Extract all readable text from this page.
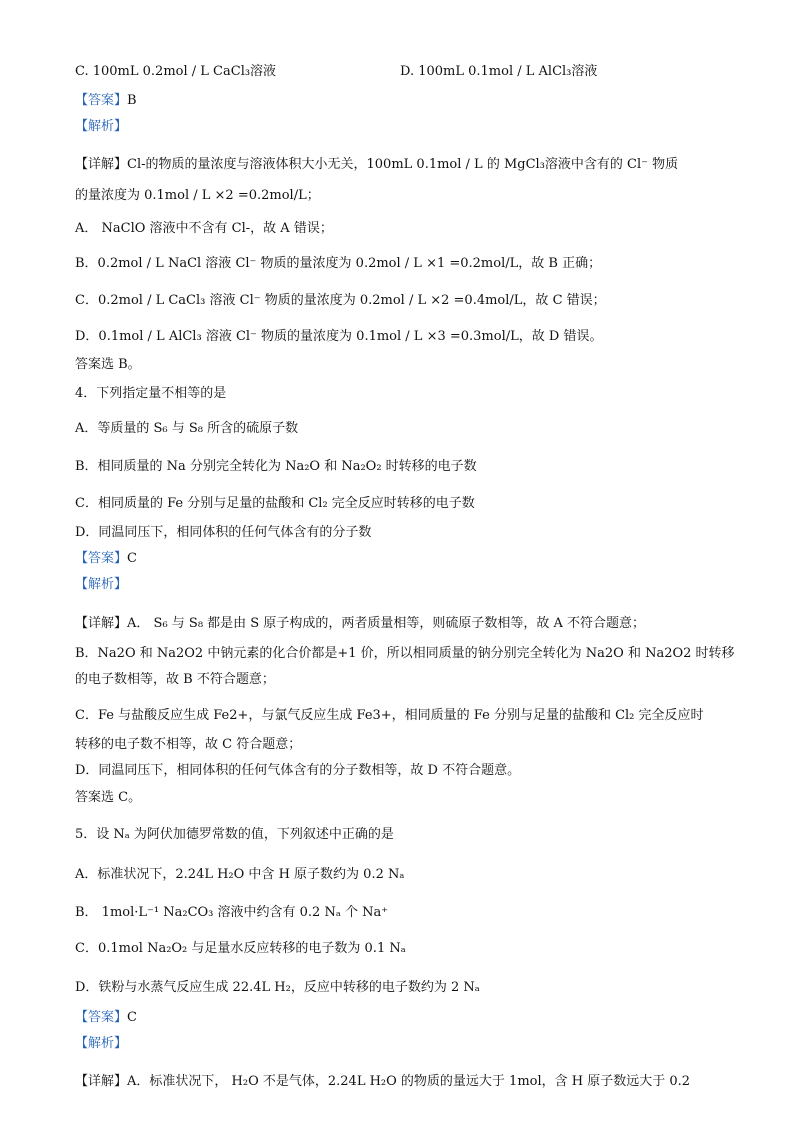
C. 100mL 0.2mol / L CaCl₃溶液	D. 100mL 0.1mol / L AlCl₃溶液
【答案】B
【解析】
【详解】Cl-的物质的量浓度与溶液体积大小无关，100mL 0.1mol / L 的 MgCl₃溶液中含有的 Cl⁻ 物质
的量浓度为 0.1mol / L ×2 =0.2mol/L；
A． NaClO 溶液中不含有 Cl-，故 A 错误；
B．0.2mol / L NaCl 溶液 Cl⁻ 物质的量浓度为 0.2mol / L ×1 =0.2mol/L，故 B 正确；
C．0.2mol / L CaCl₃ 溶液 Cl⁻ 物质的量浓度为 0.2mol / L ×2 =0.4mol/L，故 C 错误；
D．0.1mol / L AlCl₃ 溶液 Cl⁻ 物质的量浓度为 0.1mol / L ×3 =0.3mol/L，故 D 错误。
答案选 B。
4．下列指定量不相等的是
A．等质量的 S₆ 与 S₈ 所含的硫原子数
B．相同质量的 Na 分别完全转化为 Na₂O 和 Na₂O₂ 时转移的电子数
C．相同质量的 Fe 分别与足量的盐酸和 Cl₂ 完全反应时转移的电子数
D．同温同压下，相同体积的任何气体含有的分子数
【答案】C
【解析】
【详解】A． S₆ 与 S₈ 都是由 S 原子构成的，两者质量相等，则硫原子数相等，故 A 不符合题意；
B．Na2O 和 Na2O2 中钠元素的化合价都是+1 价，所以相同质量的钠分别完全转化为 Na2O 和 Na2O2 时转移
的电子数相等，故 B 不符合题意；
C．Fe 与盐酸反应生成 Fe2+，与氯气反应生成 Fe3+，相同质量的 Fe 分别与足量的盐酸和 Cl₂ 完全反应时
转移的电子数不相等，故 C 符合题意；
D．同温同压下，相同体积的任何气体含有的分子数相等，故 D 不符合题意。
答案选 C。
5．设 Nₐ 为阿伏加德罗常数的值，下列叙述中正确的是
A．标准状况下，2.24L H₂O 中含 H 原子数约为 0.2 Nₐ
B． 1mol·L⁻¹ Na₂CO₃ 溶液中约含有 0.2 Nₐ 个 Na⁺
C．0.1mol Na₂O₂ 与足量水反应转移的电子数为 0.1 Nₐ
D．铁粉与水蒸气反应生成 22.4L H₂，反应中转移的电子数约为 2 Nₐ
【答案】C
【解析】
【详解】A．标准状况下， H₂O 不是气体，2.24L H₂O 的物质的量远大于 1mol，含 H 原子数远大于 0.2
